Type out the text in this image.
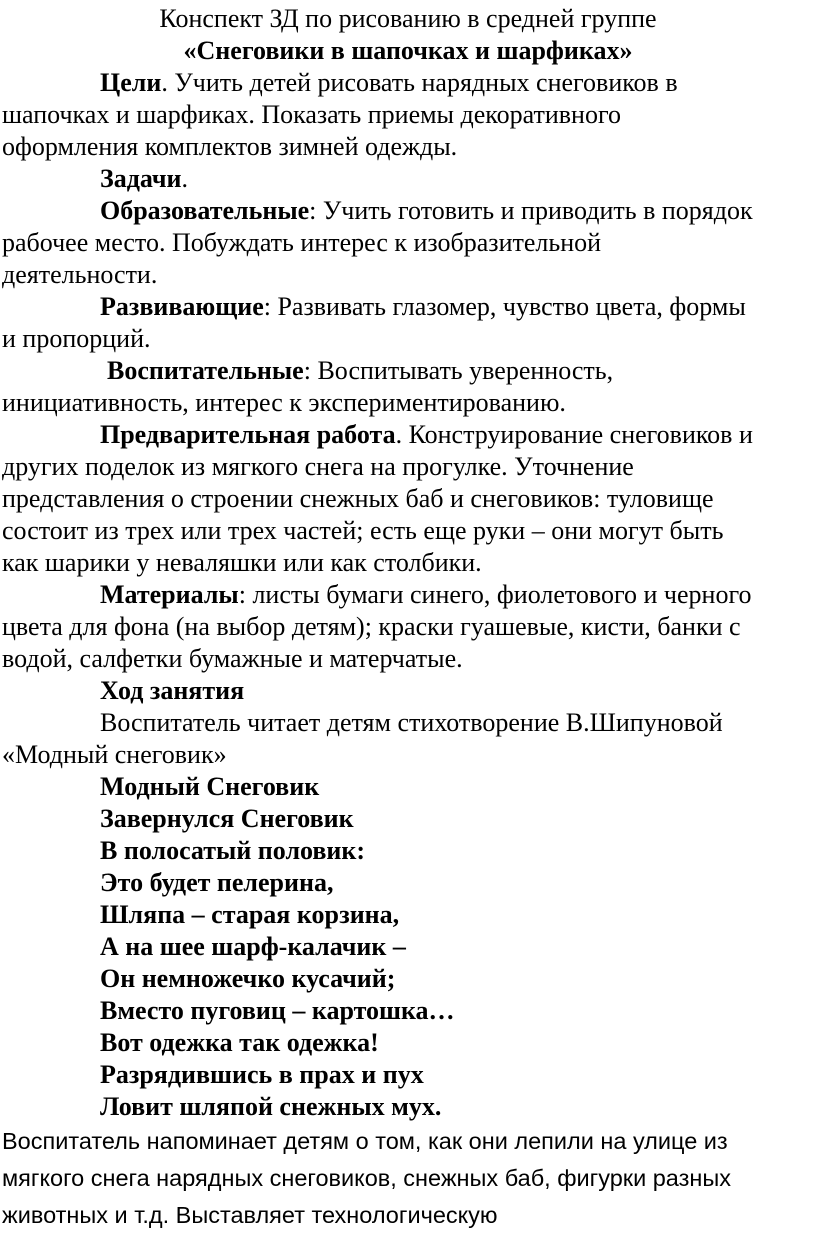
Конспект ЗД по рисованию в средней группе
«Снеговики в шапочках и шарфиках»
Цели. Учить детей рисовать нарядных снеговиков в
шапочках и шарфиках. Показать приемы декоративного
оформления комплектов зимней одежды.
Задачи.
Образовательные: Учить готовить и приводить в порядок
рабочее место. Побуждать интерес к изобразительной
деятельности.
Развивающие: Развивать глазомер, чувство цвета, формы
и пропорций.
Воспитательные: Воспитывать уверенность,
инициативность, интерес к экспериментированию.
Предварительная работа. Конструирование снеговиков и
других поделок из мягкого снега на прогулке. Уточнение
представления о строении снежных баб и снеговиков: туловище
состоит из трех или трех частей; есть еще руки – они могут быть
как шарики у неваляшки или как столбики.
Материалы: листы бумаги синего, фиолетового и черного
цвета для фона (на выбор детям); краски гуашевые, кисти, банки с
водой, салфетки бумажные и матерчатые.
Ход занятия
Воспитатель читает детям стихотворение В.Шипуновой
«Модный снеговик»
Модный Снеговик
Завернулся Снеговик
В полосатый половик:
Это будет пелерина,
Шляпа – старая корзина,
А на шее шарф-калачик –
Он немножечко кусачий;
Вместо пуговиц – картошка…
Вот одежка так одежка!
Разрядившись в прах и пух
Ловит шляпой снежных мух.
Воспитатель напоминает детям о том, как они лепили на улице из
мягкого снега нарядных снеговиков, снежных баб, фигурки разных
животных и т.д. Выставляет технологическую
